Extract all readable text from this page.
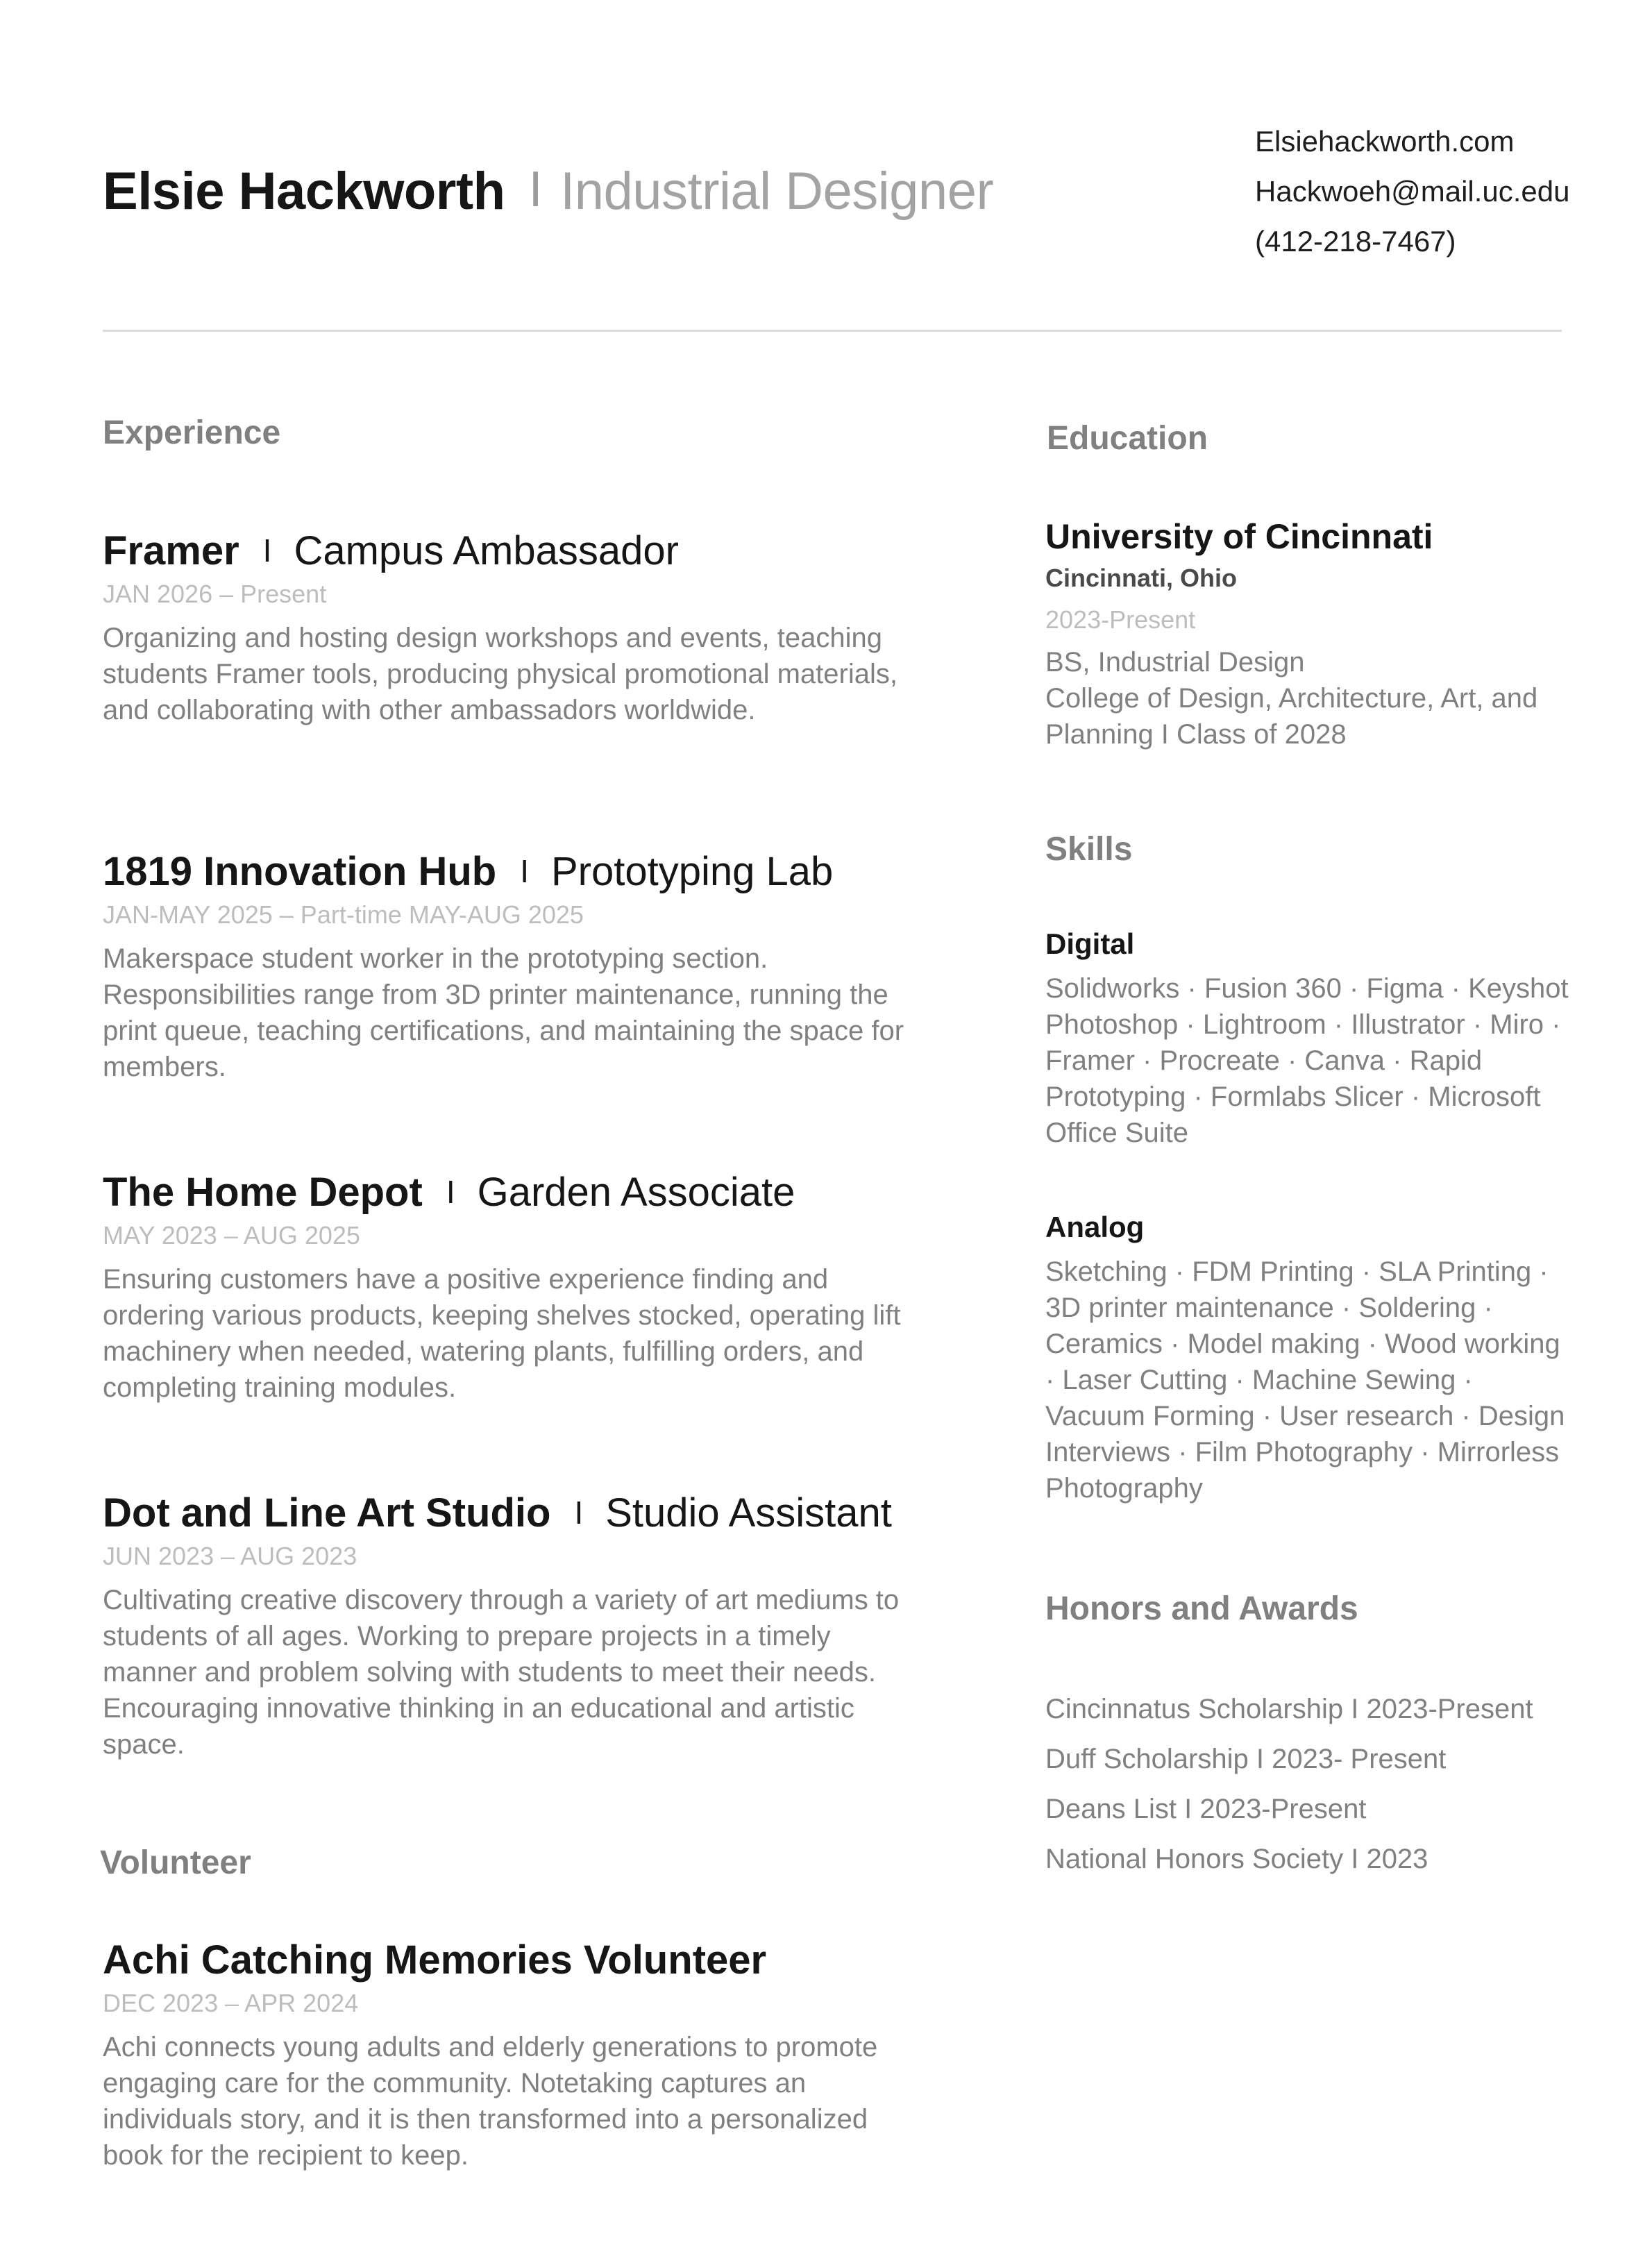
Elsie Hackworth I Industrial Designer
Elsiehackworth.com
Hackwoeh@mail.uc.edu
(412-218-7467)
Experience
Framer I Campus Ambassador
JAN 2026 – Present
Organizing and hosting design workshops and events, teaching students Framer tools, producing physical promotional materials, and collaborating with other ambassadors worldwide.
1819 Innovation Hub I Prototyping Lab
JAN-MAY 2025 – Part-time MAY-AUG 2025
Makerspace student worker in the prototyping section. Responsibilities range from 3D printer maintenance, running the print queue, teaching certifications, and maintaining the space for members.
The Home Depot I Garden Associate
MAY 2023 – AUG 2025
Ensuring customers have a positive experience finding and ordering various products, keeping shelves stocked, operating lift machinery when needed, watering plants, fulfilling orders, and completing training modules.
Dot and Line Art Studio I Studio Assistant
JUN 2023 – AUG 2023
Cultivating creative discovery through a variety of art mediums to students of all ages. Working to prepare projects in a timely manner and problem solving with students to meet their needs. Encouraging innovative thinking in an educational and artistic space.
Volunteer
Achi Catching Memories Volunteer
DEC 2023 – APR 2024
Achi connects young adults and elderly generations to promote engaging care for the community. Notetaking captures an individuals story, and it is then transformed into a personalized book for the recipient to keep.
Education
University of Cincinnati
Cincinnati, Ohio
2023-Present
BS, Industrial Design
College of Design, Architecture, Art, and Planning I Class of 2028
Skills
Digital
Solidworks · Fusion 360 · Figma · Keyshot Photoshop · Lightroom · Illustrator · Miro · Framer · Procreate · Canva · Rapid Prototyping · Formlabs Slicer · Microsoft Office Suite
Analog
Sketching · FDM Printing · SLA Printing · 3D printer maintenance · Soldering · Ceramics · Model making · Wood working · Laser Cutting · Machine Sewing · Vacuum Forming · User research · Design Interviews · Film Photography · Mirrorless Photography
Honors and Awards
Cincinnatus Scholarship I 2023-Present
Duff Scholarship I 2023- Present
Deans List I 2023-Present
National Honors Society I 2023
